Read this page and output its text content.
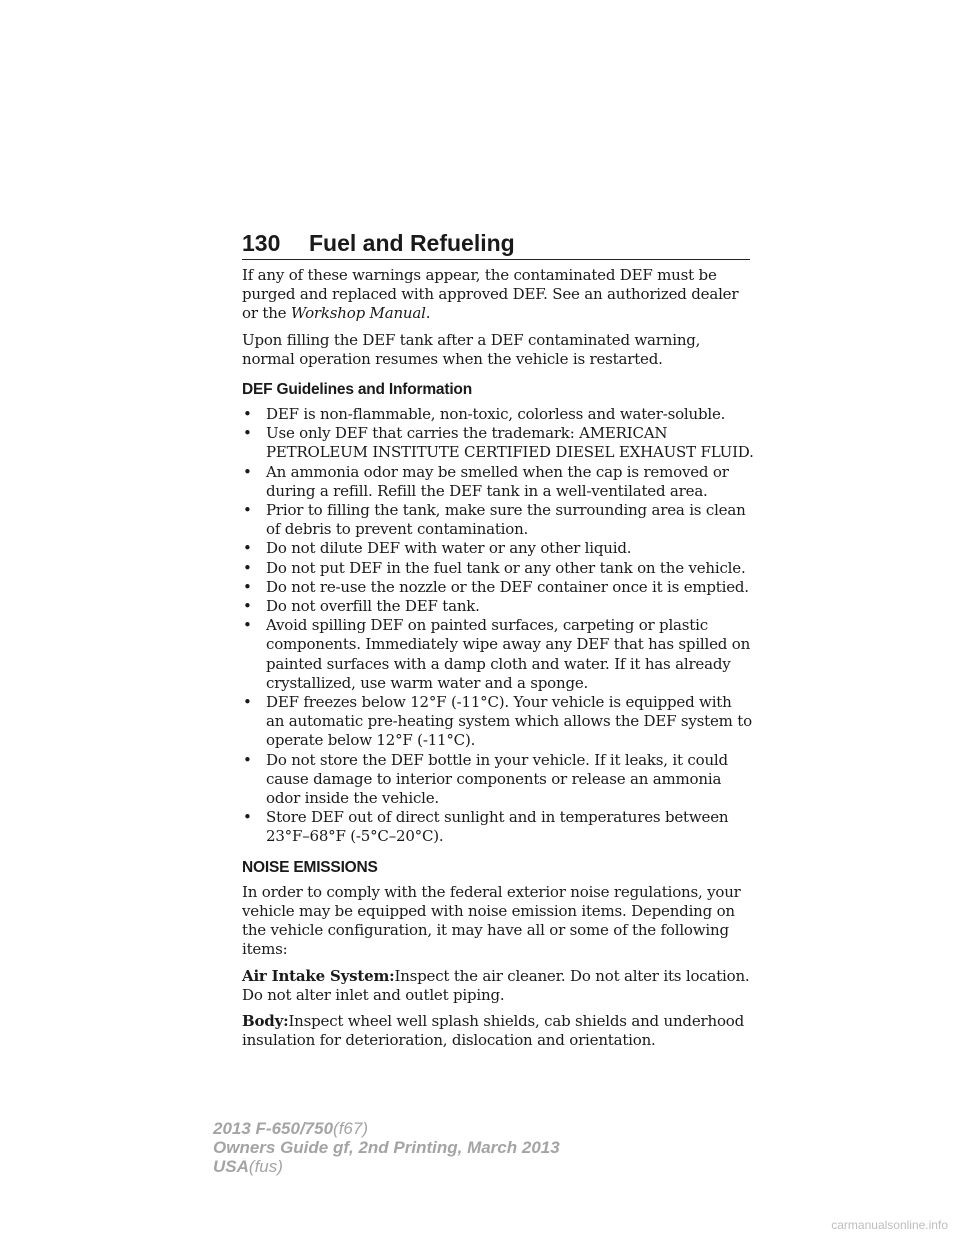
130 Fuel and Refueling

If any of these warnings appear, the contaminated DEF must be purged and replaced with approved DEF. See an authorized dealer or the Workshop Manual.

Upon filling the DEF tank after a DEF contaminated warning, normal operation resumes when the vehicle is restarted.

DEF Guidelines and Information
• DEF is non-flammable, non-toxic, colorless and water-soluble.
• Use only DEF that carries the trademark: AMERICAN PETROLEUM INSTITUTE CERTIFIED DIESEL EXHAUST FLUID.
• An ammonia odor may be smelled when the cap is removed or during a refill. Refill the DEF tank in a well-ventilated area.
• Prior to filling the tank, make sure the surrounding area is clean of debris to prevent contamination.
• Do not dilute DEF with water or any other liquid.
• Do not put DEF in the fuel tank or any other tank on the vehicle.
• Do not re-use the nozzle or the DEF container once it is emptied.
• Do not overfill the DEF tank.
• Avoid spilling DEF on painted surfaces, carpeting or plastic components. Immediately wipe away any DEF that has spilled on painted surfaces with a damp cloth and water. If it has already crystallized, use warm water and a sponge.
• DEF freezes below 12°F (-11°C). Your vehicle is equipped with an automatic pre-heating system which allows the DEF system to operate below 12°F (-11°C).
• Do not store the DEF bottle in your vehicle. If it leaks, it could cause damage to interior components or release an ammonia odor inside the vehicle.
• Store DEF out of direct sunlight and in temperatures between 23°F–68°F (-5°C–20°C).
NOISE EMISSIONS

In order to comply with the federal exterior noise regulations, your vehicle may be equipped with noise emission items. Depending on the vehicle configuration, it may have all or some of the following items:

Air Intake System:Inspect the air cleaner. Do not alter its location. Do not alter inlet and outlet piping.

Body:Inspect wheel well splash shields, cab shields and underhood insulation for deterioration, dislocation and orientation.

2013 F-650/750(f67)
Owners Guide gf, 2nd Printing, March 2013
USA(fus)
carmanualsonline.info
